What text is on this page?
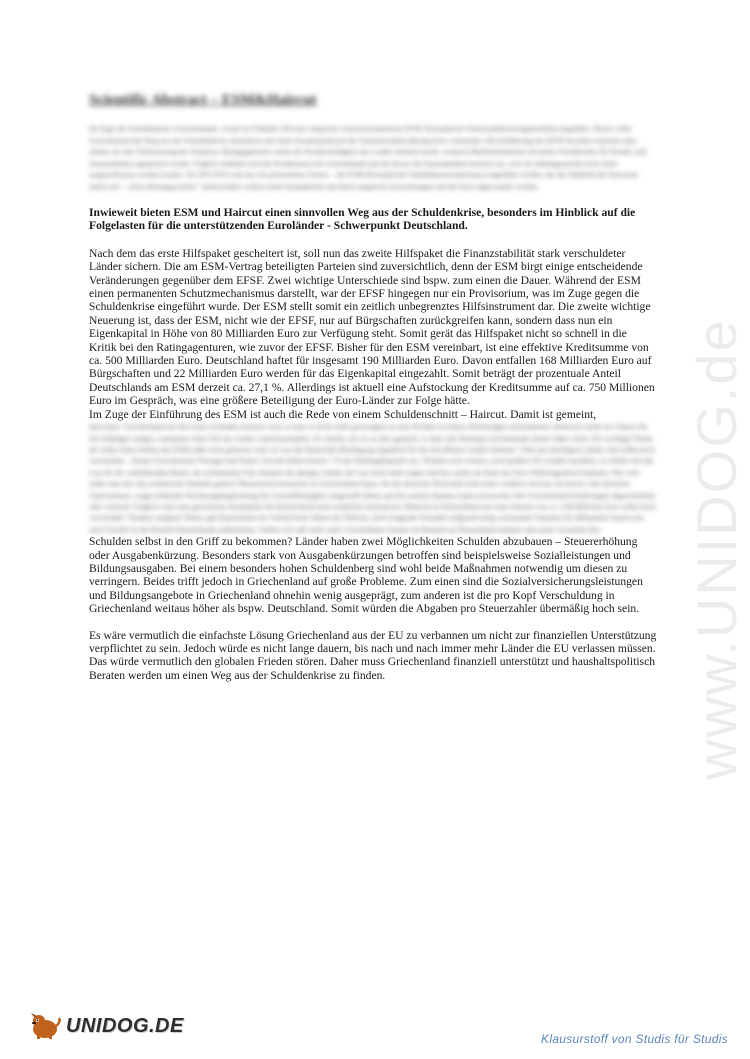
www.UNIDOG.de
Scientific Abstract – ESM&Haircut

Im Zuge der Schuldenkrise Griechenlands, wurde im Frühjahr 2010 der temporäre Schutzmechanismus EFSF (Europäische Finanzstabilisierungsfazilität) eingeführt. Dieser sollte Griechenland den Weg aus der Schuldenkrise erleichtern und einen Zusammenbruch der Gemeinschaftswährung Euro vermeiden. Die Einführung des EFSF bewirkte zunächst alles andere als eine Verbesserung der Situation, Ratingagenturen stufen die Kreditwürdigkeit des Landes deutlich herab, wodurch Marktteilnehmern ein hohes Ausfallrisiko für Kredite und Staatsanleihen signalisiert wurde. Folglich erhöhten sich die Kreditzinsen für Griechenland und die Kurse für Staatsanleihen brachen ein, weil ein Zahlungsausfall nicht mehr ausgeschlossen werden konnte. Ab 2012/2013 soll nun ein permanenter Schutz – der ESM (Europäischer Stabilitätsmechanismus) eingeführt werden, der die Stabilität der Eurozone retten soll – „Euro-Rettungsschirm“. Insbesondere sollten somit Staatspleiten und deren negativen Auswirkungen auf den Euro abgewendet werden.

Inwieweit bieten ESM und Haircut einen sinnvollen Weg aus der Schuldenkrise, besonders im Hinblick auf die Folgelasten für die unterstützenden Euroländer - Schwerpunkt Deutschland.

Nach dem das erste Hilfspaket gescheitert ist, soll nun das zweite Hilfspaket die Finanzstabilität stark verschuldeter Länder sichern. Die am ESM-Vertrag beteiligten Parteien sind zuversichtlich, denn der ESM birgt einige entscheidende Veränderungen gegenüber dem EFSF. Zwei wichtige Unterschiede sind bspw. zum einen die Dauer. Während der ESM einen permanenten Schutzmechanismus darstellt, war der EFSF hingegen nur ein Provisorium, was im Zuge gegen die Schuldenkrise eingeführt wurde. Der ESM stellt somit ein zeitlich unbegrenztes Hilfsinstrument dar. Die zweite wichtige Neuerung ist, dass der ESM, nicht wie der EFSF, nur auf Bürgschaften zurückgreifen kann, sondern dass nun ein Eigenkapital in Höhe von 80 Milliarden Euro zur Verfügung steht. Somit gerät das Hilfspaket nicht so schnell in die Kritik bei den Ratingagenturen, wie zuvor der EFSF. Bisher für den ESM vereinbart, ist eine effektive Kreditsumme von ca. 500 Milliarden Euro. Deutschland haftet für insgesamt 190 Milliarden Euro. Davon entfallen 168 Milliarden Euro auf Bürgschaften und 22 Milliarden Euro werden für das Eigenkapital eingezahlt. Somit beträgt der prozentuale Anteil Deutschlands am ESM derzeit ca. 27,1 %. Allerdings ist aktuell eine Aufstockung der Kreditsumme auf ca. 750 Millionen Euro im Gespräch, was eine größere Beteiligung der Euro-Länder zur Folge hätte.

Im Zuge der Einführung des ESM ist auch die Rede von einem Schuldenschnitt – Haircut. Damit ist gemeint,

dass bspw. Griechenland ein Teil seiner Schulden erlassen wird, so dass es nicht mehr gezwungen ist neue Kredite zu hohen Zinsbeträgen aufzunehmen. Dennoch würde sie Chance für die Gläubiger steigen, zumindest einen Teil des Geldes zurückzuerhalten. Es scheint, als sei an alles gedacht, so dass eine Rettung Griechenlands immer näher rückt. Ein wichtiger Punkt, der leider beim Aufbau des ESM außer Acht gelassen wird, ist was die finanzielle Beteiligung eigentlich für die betroffenen Länder bedeutet. Viele der beteiligten Länder sind selbst hoch verschuldet – Irland, Griechenland, Portugal und Irland. Sowohl fehlen bereits 7 % des Haftungskapitals aus. Würden noch weitere, auch größere EU-Länder ausfallen, so erhöht sich die Last für die verbleibenden Retter. Im schlimmsten Fall, könnten die übrigen Länder die Last nicht mehr tragen und das würde ein Ende der Euro-Währungsunion bedeuten. Wie weit sollte man also das solidarische Handeln gehen? Ökonomisch betrachtet ist Griechenland bspw. für die deutsche Wirtschaft nicht mehr wirklich relevant, da bereits viele deutsche Unternehmen, wegen fehlender Rechnungsbegleichung ihre Geschäftstätigkeit eingestellt haben und die meisten Banken haben inzwischen ihre Griechenland-Forderungen abgeschrieben oder verkauft. Folglich wäre eine griechische Staatspleite für Deutschland nicht sonderlich dramatisch. Dennoch ist Deutschland mit einer Summe von ca. 2,08 Billionen Euro selbst hoch verschuldet. Tendenz steigend. Bisher gab Deutschland als Vorbild beim Abbau der Defizite, doch steigende Schulden aufgrund stetig wachsender Summen für Hilfspakete lassen nun auch Zweifel an der Bonität Deutschlands aufkommen. Sollten sich alle nicht stark verschuldeten Staaten ein Beispiel an Deutschland nehmen und somit versuchen ihre

Schulden selbst in den Griff zu bekommen? Länder haben zwei Möglichkeiten Schulden abzubauen – Steuererhöhung oder Ausgabenkürzung. Besonders stark von Ausgabenkürzungen betroffen sind beispielsweise Sozialleistungen und Bildungsausgaben. Bei einem besonders hohen Schuldenberg sind wohl beide Maßnahmen notwendig um diesen zu verringern. Beides trifft jedoch in Griechenland auf große Probleme. Zum einen sind die Sozialversicherungsleistungen und Bildungsangebote in Griechenland ohnehin wenig ausgeprägt, zum anderen ist die pro Kopf Verschuldung in Griechenland weitaus höher als bspw. Deutschland. Somit würden die Abgaben pro Steuerzahler übermäßig hoch sein.

Es wäre vermutlich die einfachste Lösung Griechenland aus der EU zu verbannen um nicht zur finanziellen Unterstützung verpflichtet zu sein. Jedoch würde es nicht lange dauern, bis nach und nach immer mehr Länder die EU verlassen müssen. Das würde vermutlich den globalen Frieden stören. Daher muss Griechenland finanziell unterstützt und haushaltspolitisch Beraten werden um einen Weg aus der Schuldenkrise zu finden.

UNIDOG.DE
Klausurstoff von Studis für Studis
